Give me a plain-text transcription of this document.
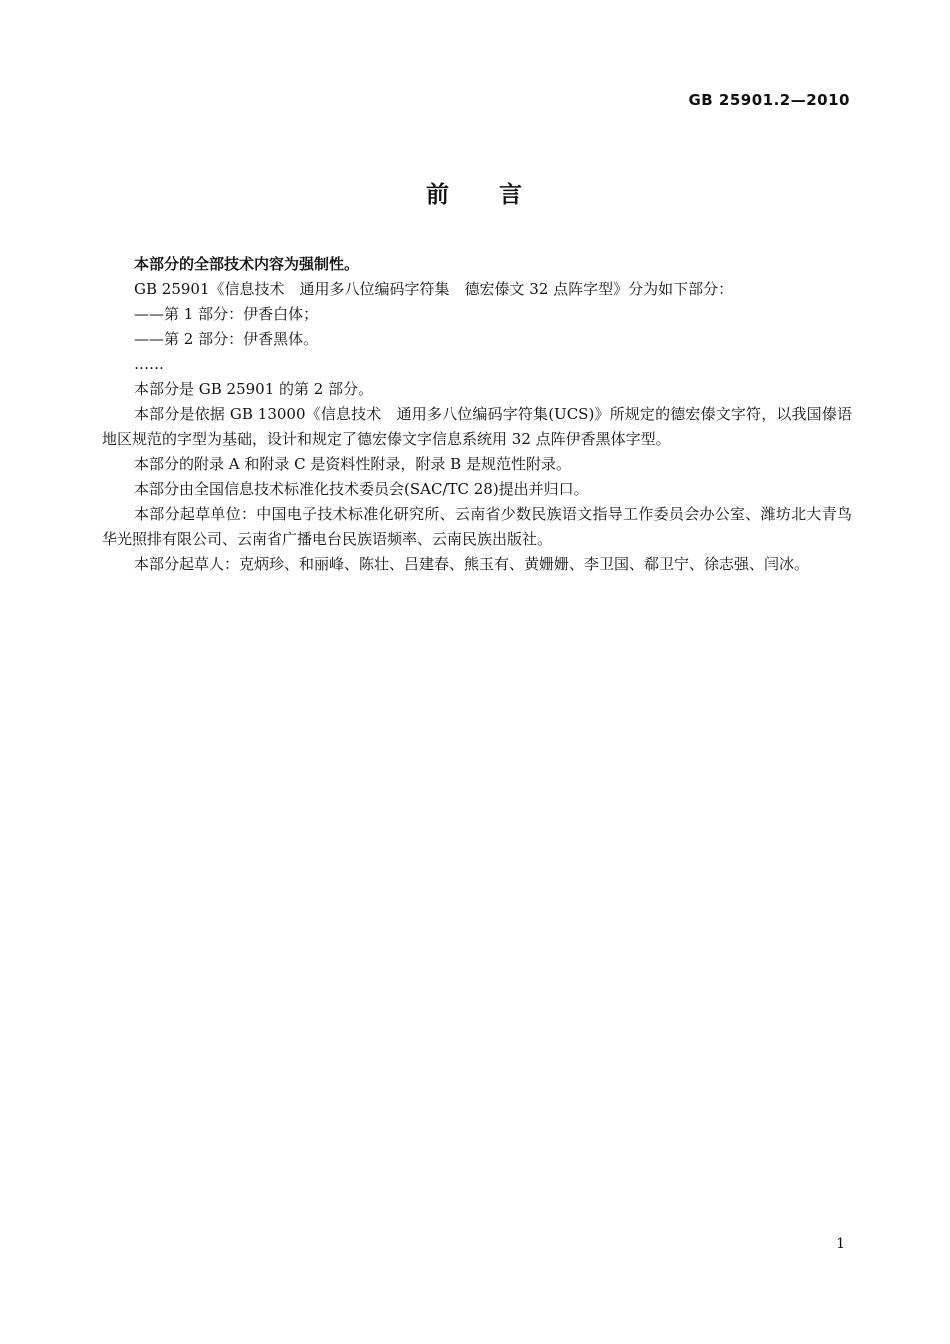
GB 25901.2—2010
前 言

本部分的全部技术内容为强制性。

GB 25901《信息技术　通用多八位编码字符集　德宏傣文 32 点阵字型》分为如下部分：

——第 1 部分：伊香白体；

——第 2 部分：伊香黑体。

……

本部分是 GB 25901 的第 2 部分。

本部分是依据 GB 13000《信息技术　通用多八位编码字符集(UCS)》所规定的德宏傣文字符，以我国傣语地区规范的字型为基础，设计和规定了德宏傣文字信息系统用 32 点阵伊香黑体字型。

本部分的附录 A 和附录 C 是资料性附录，附录 B 是规范性附录。

本部分由全国信息技术标准化技术委员会(SAC/TC 28)提出并归口。

本部分起草单位：中国电子技术标准化研究所、云南省少数民族语文指导工作委员会办公室、潍坊北大青鸟华光照排有限公司、云南省广播电台民族语频率、云南民族出版社。

本部分起草人：克炳珍、和丽峰、陈壮、吕建春、熊玉有、黄姗姗、李卫国、郗卫宁、徐志强、闫冰。

1
